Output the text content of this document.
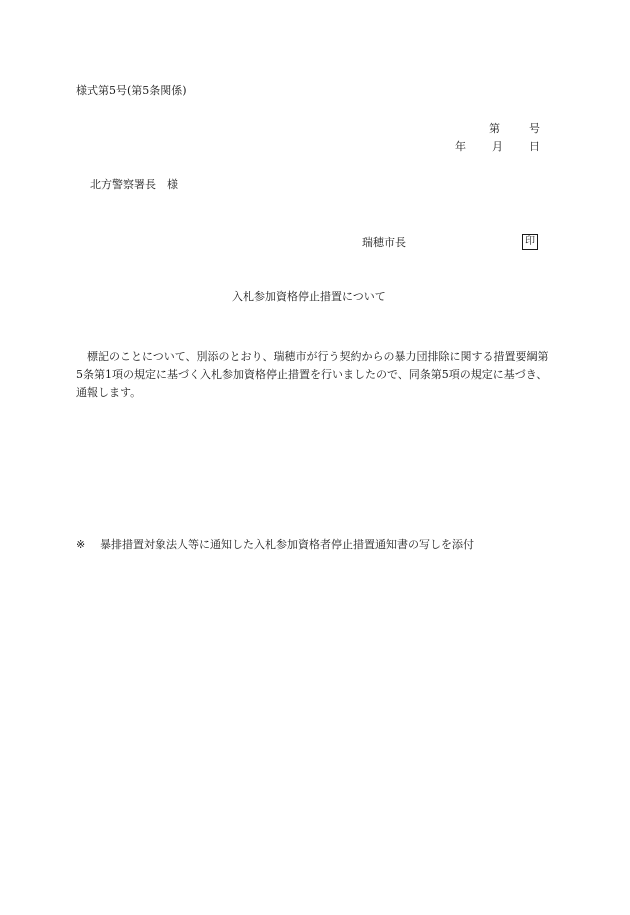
様式第5号(第5条関係)
第	号
年 月 日
北方警察署長　様
瑞穂市長	印
入札参加資格停止措置について
標記のことについて、別添のとおり、瑞穂市が行う契約からの暴力団排除に関する措置要綱第5条第1項の規定に基づく入札参加資格停止措置を行いましたので、同条第5項の規定に基づき、通報します。
※ 暴排措置対象法人等に通知した入札参加資格者停止措置通知書の写しを添付
